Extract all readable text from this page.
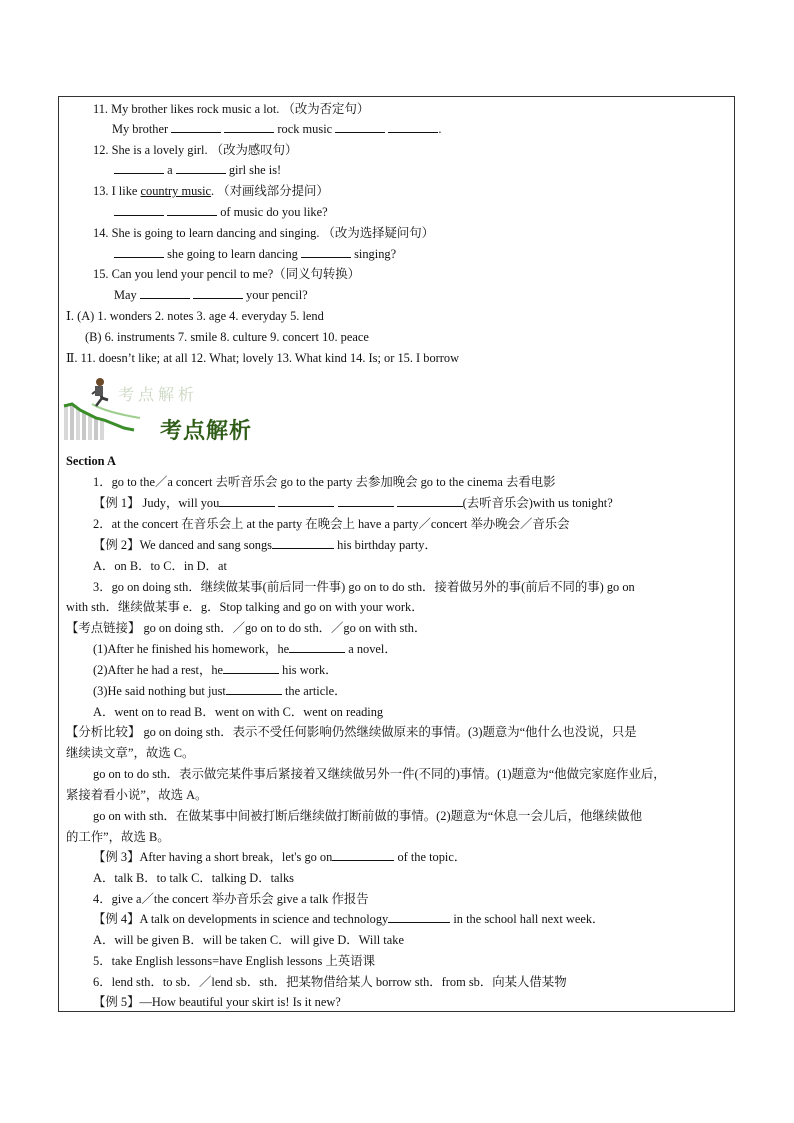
11. My brother likes rock music a lot. （改为否定句）
My brother	rock music	.
12. She is a lovely girl. （改为感叹句）
a	girl she is!
13. I like country music. （对画线部分提问）
of music do you like?
14. She is going to learn dancing and singing. （改为选择疑问句）
she going to learn dancing	singing?
15. Can you lend your pencil to me?（同义句转换）
May	your pencil?
Ⅰ. (A) 1. wonders 2. notes 3. age 4. everyday 5. lend
(B) 6. instruments 7. smile 8. culture 9. concert 10. peace
Ⅱ. 11. doesn’t like; at all 12. What; lovely 13. What kind 14. Is; or 15. I borrow
考点解析
考点解析
Section A
1．go to the／a concert 去听音乐会 go to the party 去参加晚会 go to the cinema 去看电影
【例 1】 Judy，will you	(去听音乐会)with us tonight?
2．at the concert 在音乐会上 at the party 在晚会上 have a party／concert 举办晚会／音乐会
【例 2】We danced and sang songs	his birthday party．
A．on B．to C．in D．at
3．go on doing sth．继续做某事(前后同一件事) go on to do sth．接着做另外的事(前后不同的事) go on
with sth．继续做某事 e．g．Stop talking and go on with your work．
【考点链接】 go on doing sth．／go on to do sth．／go on with sth．
(1)After he finished his homework，he	a novel．
(2)After he had a rest，he	his work．
(3)He said nothing but just	the article．
A．went on to read B．went on with C．went on reading
【分析比较】 go on doing sth．表示不受任何影响仍然继续做原来的事情。(3)题意为“他什么也没说，只是
继续读文章”，故选 C。
go on to do sth．表示做完某件事后紧接着又继续做另外一件(不同的)事情。(1)题意为“他做完家庭作业后，
紧接着看小说”，故选 A。
go on with sth．在做某事中间被打断后继续做打断前做的事情。(2)题意为“休息一会儿后，他继续做他
的工作”，故选 B。
【例 3】After having a short break，let's go on	of the topic．
A．talk B．to talk C．talking D．talks
4．give a／the concert 举办音乐会 give a talk 作报告
【例 4】A talk on developments in science and technology	in the school hall next week．
A．will be given B．will be taken C．will give D．Will take
5．take English lessons=have English lessons 上英语课
6．lend sth．to sb．／lend sb．sth．把某物借给某人 borrow sth．from sb．向某人借某物
【例 5】—How beautiful your skirt is! Is it new?
